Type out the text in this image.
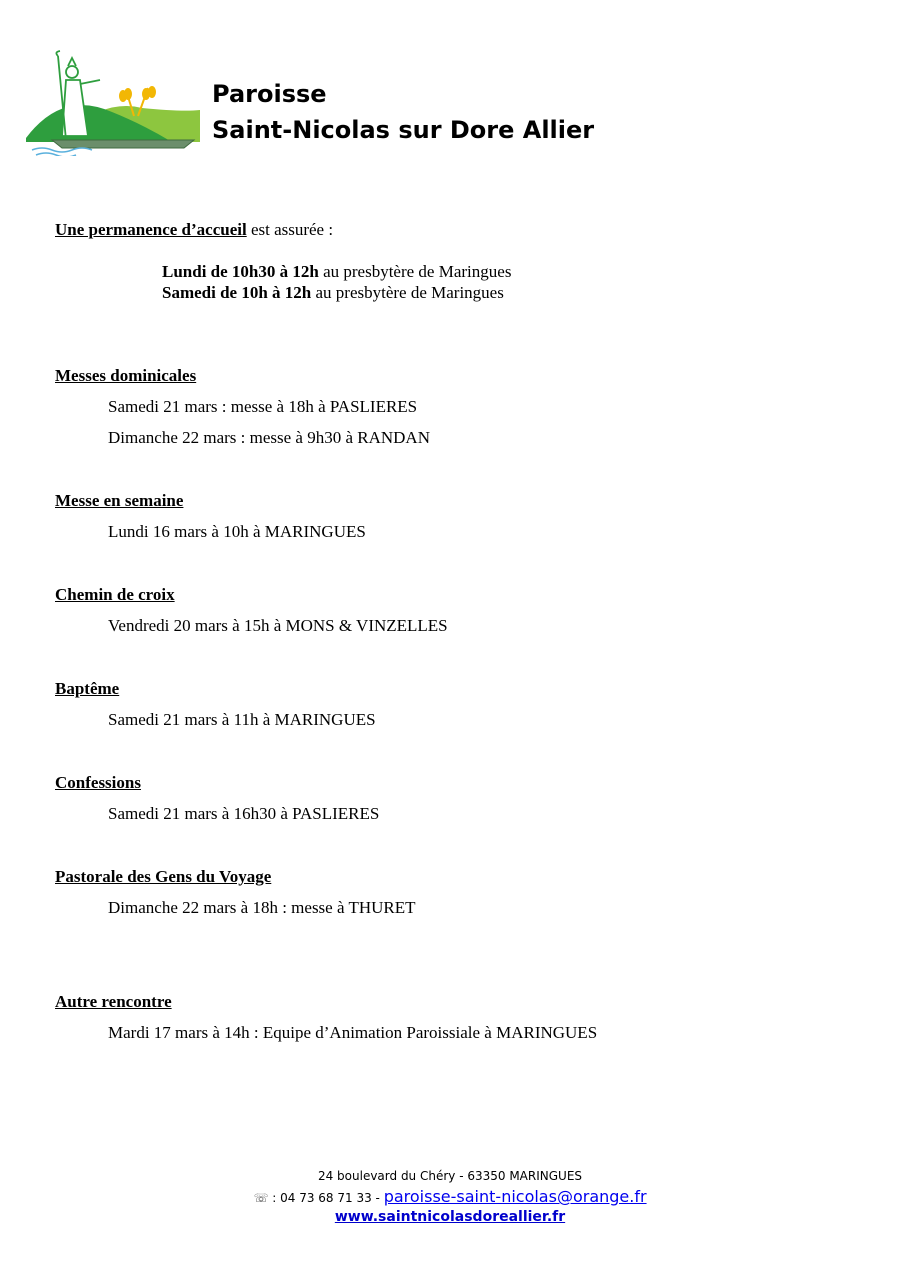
Paroisse
Saint-Nicolas sur Dore Allier
Une permanence d’accueil est assurée :
Lundi de 10h30 à 12h au presbytère de Maringues
Samedi de 10h à 12h au presbytère de Maringues
Messes dominicales
Samedi 21 mars : messe à 18h à PASLIERES
Dimanche 22 mars : messe à 9h30 à RANDAN
Messe en semaine
Lundi 16 mars à 10h à MARINGUES
Chemin de croix
Vendredi 20 mars à 15h à MONS & VINZELLES
Baptême
Samedi 21 mars à 11h à MARINGUES
Confessions
Samedi 21 mars à 16h30 à PASLIERES
Pastorale des Gens du Voyage
Dimanche 22 mars à 18h : messe à THURET
Autre rencontre
Mardi 17 mars à 14h : Equipe d’Animation Paroissiale à MARINGUES
24 boulevard du Chéry - 63350 MARINGUES
☏ : 04 73 68 71 33 - paroisse-saint-nicolas@orange.fr
www.saintnicolasdoreallier.fr
